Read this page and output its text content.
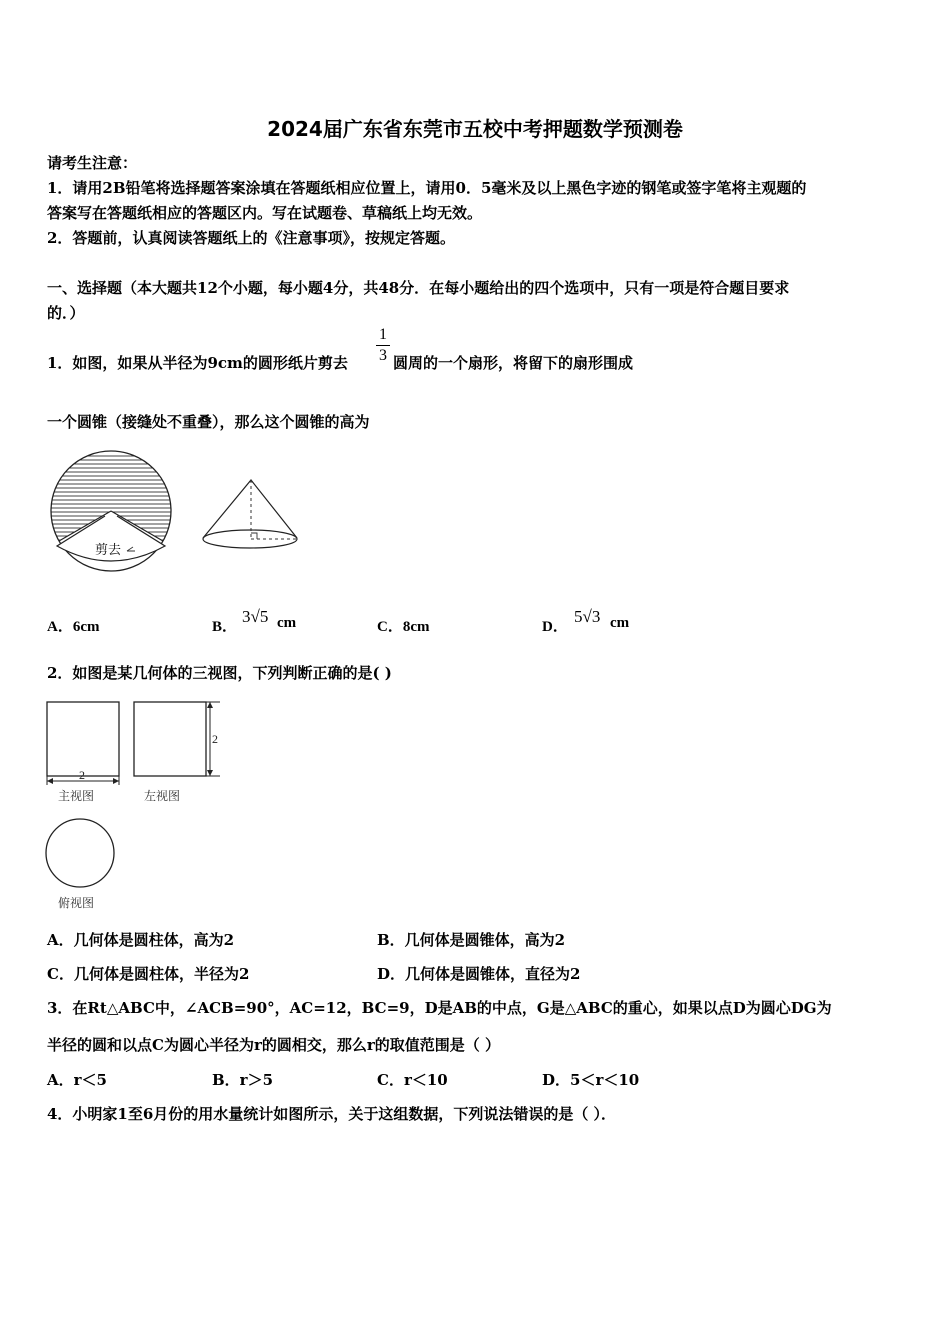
2024届广东省东莞市五校中考押题数学预测卷
请考生注意：
1．请用2B铅笔将选择题答案涂填在答题纸相应位置上，请用0．5毫米及以上黑色字迹的钢笔或签字笔将主观题的
答案写在答题纸相应的答题区内。写在试题卷、草稿纸上均无效。
2．答题前，认真阅读答题纸上的《注意事项》，按规定答题。
一、选择题（本大题共12个小题，每小题4分，共48分．在每小题给出的四个选项中，只有一项是符合题目要求
的．）
1．如图，如果从半径为9cm的圆形纸片剪去
1
3 圆周的一个扇形，将留下的扇形围成
一个圆锥（接缝处不重叠），那么这个圆锥的高为
剪去
A．6cm	B．
3√5 cm	C．8cm	D．
5√3 cm
2．如图是某几何体的三视图，下列判断正确的是( )
2
主视图
2
左视图
俯视图
A．几何体是圆柱体，高为2	B．几何体是圆锥体，高为2
C．几何体是圆柱体，半径为2	D．几何体是圆锥体，直径为2
3．在Rt△ABC中，∠ACB=90°，AC=12，BC=9，D是AB的中点，G是△ABC的重心，如果以点D为圆心DG为
半径的圆和以点C为圆心半径为r的圆相交，那么r的取值范围是（ ）
A．r＜5	B．r＞5	C．r＜10	D．5＜r＜10
4．小明家1至6月份的用水量统计如图所示，关于这组数据，下列说法错误的是（ ）．
